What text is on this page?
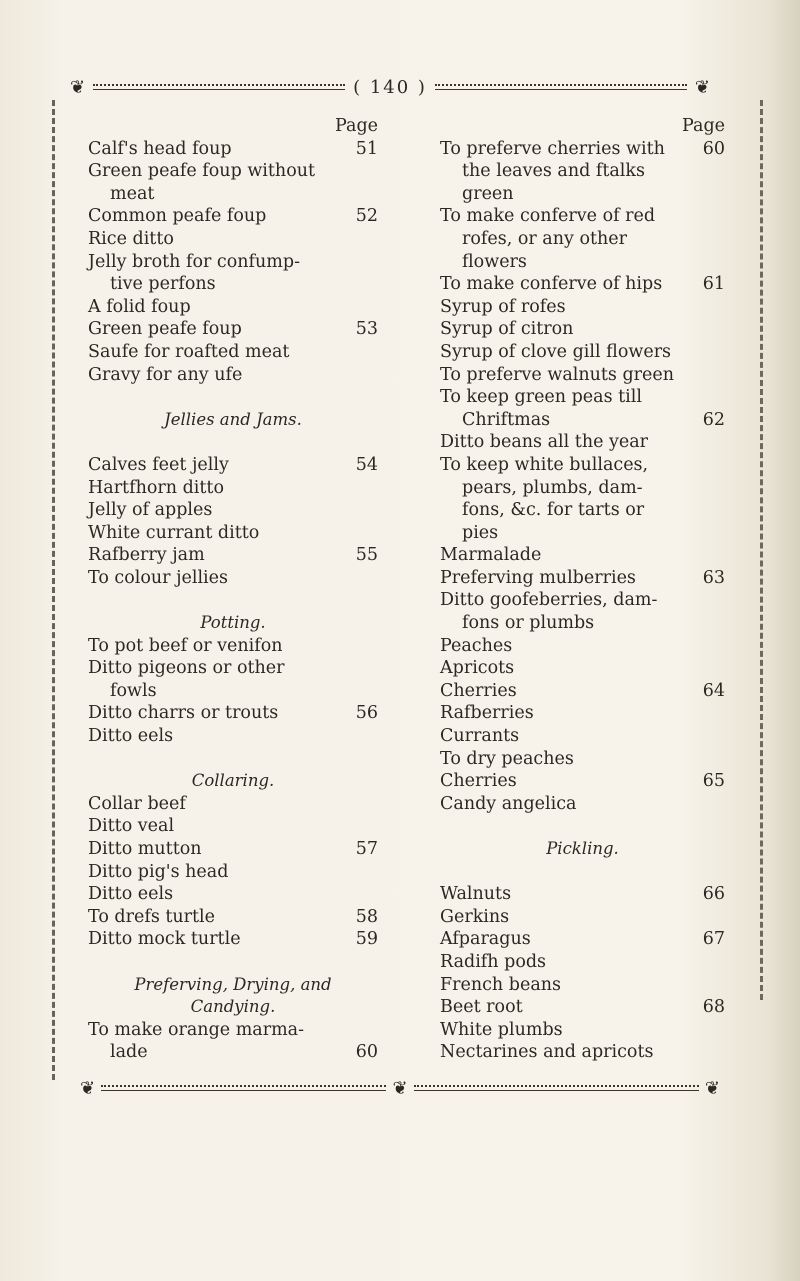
❦	( 140 )	❦
Page
Calf's head foup	51
Green peafe foup without
meat
Common peafe foup	52
Rice ditto
Jelly broth for confump-
tive perfons
A folid foup
Green peafe foup	53
Saufe for roafted meat
Gravy for any ufe
Jellies and Jams.
Calves feet jelly	54
Hartfhorn ditto
Jelly of apples
White currant ditto
Rafberry jam	55
To colour jellies
Potting.
To pot beef or venifon
Ditto pigeons or other
fowls
Ditto charrs or trouts	56
Ditto eels
Collaring.
Collar beef
Ditto veal
Ditto mutton	57
Ditto pig's head
Ditto eels
To drefs turtle	58
Ditto mock turtle	59
Preferving, Drying, and
Candying.
To make orange marma-
lade	60
Page
To preferve cherries with 60
the leaves and ftalks
green
To make conferve of red
rofes, or any other
flowers
To make conferve of hips 61
Syrup of rofes
Syrup of citron
Syrup of clove gill flowers
To preferve walnuts green
To keep green peas till
Chriftmas	62
Ditto beans all the year
To keep white bullaces,
pears, plumbs, dam-
fons, &c. for tarts or
pies
Marmalade
Preferving mulberries	63
Ditto goofeberries, dam-
fons or plumbs
Peaches
Apricots
Cherries	64
Rafberries
Currants
To dry peaches
Cherries	65
Candy angelica
Pickling.
Walnuts	66
Gerkins
Afparagus	67
Radifh pods
French beans
Beet root	68
White plumbs
Nectarines and apricots
❦	❦	❦
